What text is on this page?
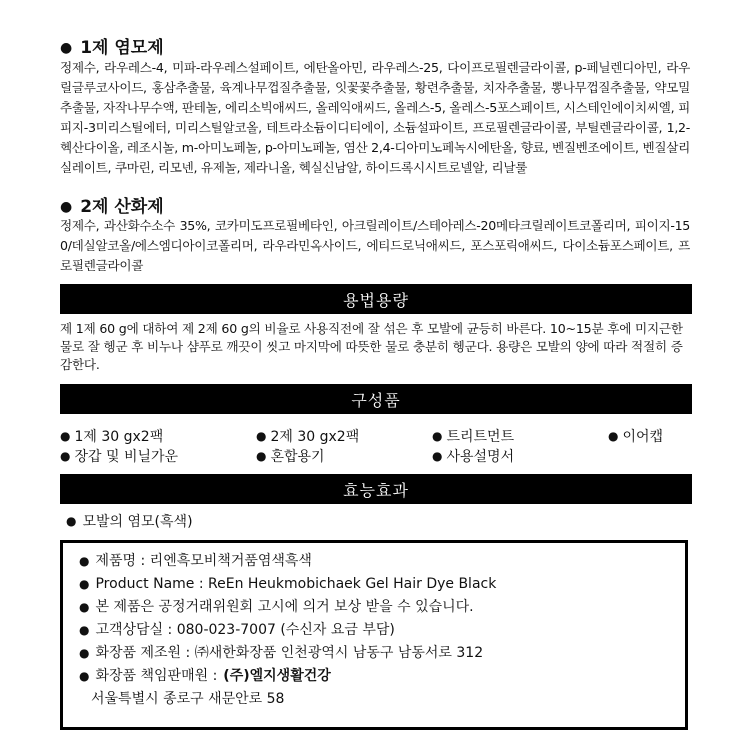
● 1제 염모제
정제수, 라우레스-4, 미파-라우레스설페이트, 에탄올아민, 라우레스-25, 다이프로필렌글라이콜, p-페닐렌디아민, 라우릴글루코사이드, 홍삼추출물, 육계나무껍질추출물, 잇꽃꽃추출물, 황련추출물, 치자추출물, 뽕나무껍질추출물, 약모밀추출물, 자작나무수액, 판테놀, 에리소빅애씨드, 올레익애씨드, 올레스-5, 올레스-5포스페이트, 시스테인에이치씨엘, 피피지-3미리스틸에터, 미리스틸알코올, 테트라소듐이디티에이, 소듐설파이트, 프로필렌글라이콜, 부틸렌글라이콜, 1,2-헥산다이올, 레조시놀, m-아미노페놀, p-아미노페놀, 염산 2,4-디아미노페녹시에탄올, 향료, 벤질벤조에이트, 벤질살리실레이트, 쿠마린, 리모넨, 유제놀, 제라니올, 헥실신남알, 하이드록시시트로넬알, 리날룰
● 2제 산화제
정제수, 과산화수소수 35%, 코카미도프로필베타인, 아크릴레이트/스테아레스-20메타크릴레이트코폴리머, 피이지-150/데실알코올/에스엠디아이코폴리머, 라우라민옥사이드, 에티드로닉애씨드, 포스포릭애씨드, 다이소듐포스페이트, 프로필렌글라이콜
용법용량
제 1제 60 g에 대하여 제 2제 60 g의 비율로 사용직전에 잘 섞은 후 모발에 균등히 바른다. 10~15분 후에 미지근한 물로 잘 헹군 후 비누나 샴푸로 깨끗이 씻고 마지막에 따뜻한 물로 충분히 헹군다. 용량은 모발의 양에 따라 적절히 증감한다.
구성품
● 1제 30 gx2팩	● 2제 30 gx2팩	● 트리트먼트	● 이어캡
● 장갑 및 비닐가운	● 혼합용기	● 사용설명서
효능효과
● 모발의 염모(흑색)
● 제품명 : 리엔흑모비책거품염색흑색
● Product Name : ReEn Heukmobichaek Gel Hair Dye Black
● 본 제품은 공정거래위원회 고시에 의거 보상 받을 수 있습니다.
● 고객상담실 : 080-023-7007 (수신자 요금 부담)
● 화장품 제조원 : ㈜새한화장품 인천광역시 남동구 남동서로 312
● 화장품 책임판매원 : (주)엘지생활건강
서울특별시 종로구 새문안로 58
